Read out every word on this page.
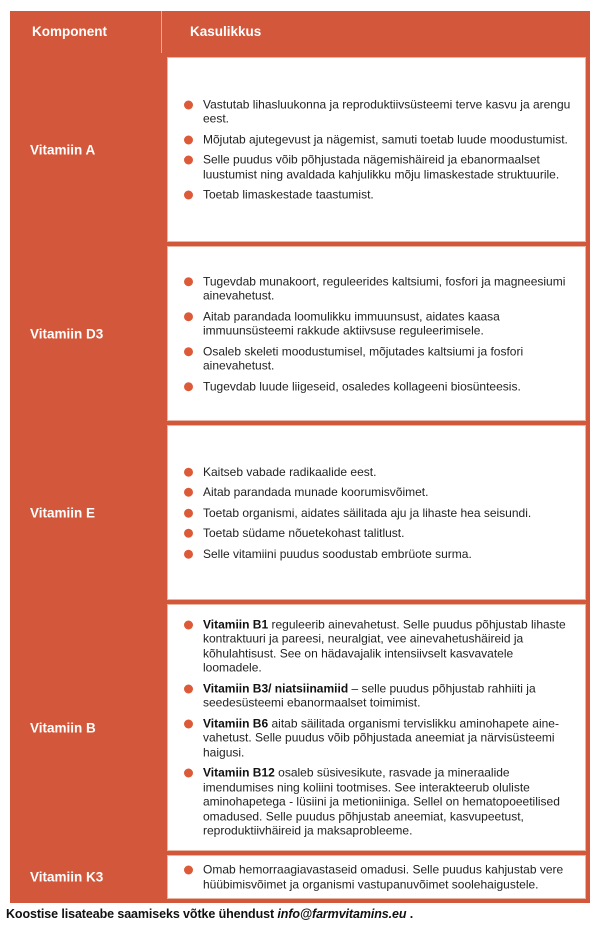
Komponent	Kasulikkus
Vitamiin A
Vastutab lihasluukonna ja reproduktiivsüsteemi terve kasvu ja arengu eest.
Mõjutab ajutegevust ja nägemist, samuti toetab luude moodustumist.
Selle puudus võib põhjustada nägemishäireid ja ebanormaalset luustumist ning avaldada kahjulikku mõju limaskestade struktuurile.
Toetab limaskestade taastumist.
Vitamiin D3
Tugevdab munakoort, reguleerides kaltsiumi, fosfori ja magneesiumi ainevahetust.
Aitab parandada loomulikku immuunsust, aidates kaasa immuunsüsteemi rakkude aktiivsuse reguleerimisele.
Osaleb skeleti moodustumisel, mõjutades kaltsiumi ja fosfori ainevahetust.
Tugevdab luude liigeseid, osaledes kollageeni biosünteesis.
Vitamiin E
Kaitseb vabade radikaalide eest.
Aitab parandada munade koorumisvõimet.
Toetab organismi, aidates säilitada aju ja lihaste hea seisundi.
Toetab südame nõuetekohast talitlust.
Selle vitamiini puudus soodustab embrüote surma.
Vitamiin B
Vitamiin B1 reguleerib ainevahetust. Selle puudus põhjustab lihaste kontraktuuri ja pareesi, neuralgiat, vee ainevahetushäireid ja kõhulahtisust. See on hädavajalik intensiivselt kasvavatele loomadele.
Vitamiin B3/ niatsiinamiid – selle puudus põhjustab rahhiiti ja seedesüsteemi ebanormaalset toimimist.
Vitamiin B6 aitab säilitada organismi tervislikku aminohapete aine-vahetust. Selle puudus võib põhjustada aneemiat ja närvisüsteemi haigusi.
Vitamiin B12 osaleb süsivesikute, rasvade ja mineraalide imendumises ning koliini tootmises. See interakteerub oluliste aminohapetega - lüsiini ja metioniiniga. Sellel on hematopoeetilised omadused. Selle puudus põhjustab aneemiat, kasvupeetust, reproduktiivhäireid ja maksaprobleeme.
Vitamiin K3	Omab hemorraagiavastaseid omadusi. Selle puudus kahjustab vere hüübimisvõimet ja organismi vastupanuvõimet soolehaigustele.
Koostise lisateabe saamiseks võtke ühendust info@farmvitamins.eu .
